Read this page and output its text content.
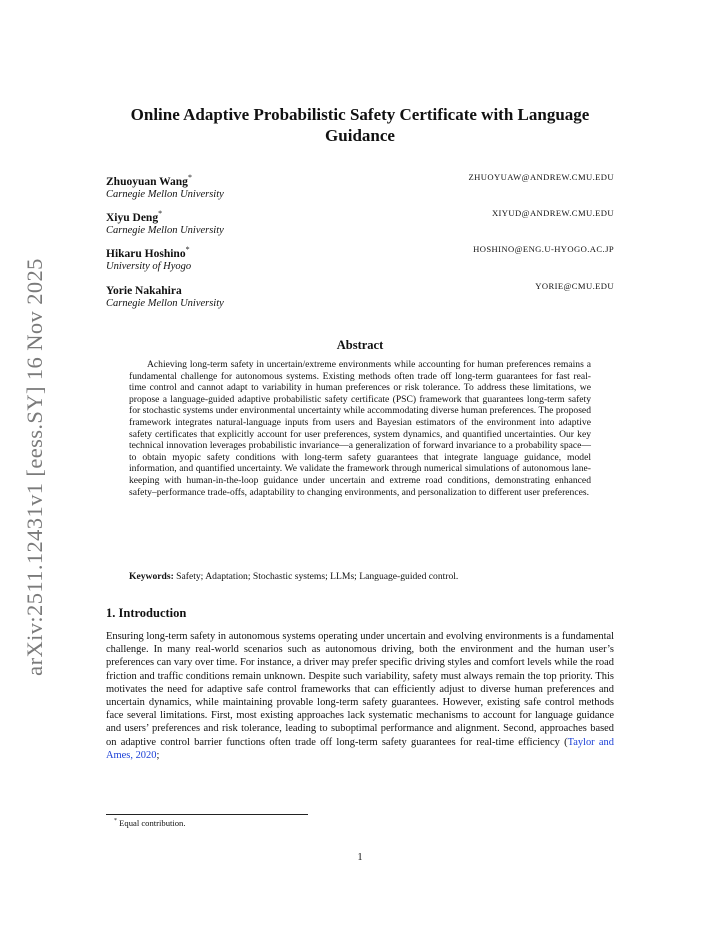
arXiv:2511.12431v1 [eess.SY] 16 Nov 2025
Online Adaptive Probabilistic Safety Certificate with Language Guidance
Zhuoyuan Wang*
Carnegie Mellon University
ZHUOYUAW@ANDREW.CMU.EDU
Xiyu Deng*
Carnegie Mellon University
XIYUD@ANDREW.CMU.EDU
Hikaru Hoshino*
University of Hyogo
HOSHINO@ENG.U-HYOGO.AC.JP
Yorie Nakahira
Carnegie Mellon University
YORIE@CMU.EDU
Abstract

Achieving long-term safety in uncertain/extreme environments while accounting for human preferences remains a fundamental challenge for autonomous systems. Existing methods often trade off long-term guarantees for fast real-time control and cannot adapt to variability in human preferences or risk tolerance. To address these limitations, we propose a language-guided adaptive probabilistic safety certificate (PSC) framework that guarantees long-term safety for stochastic systems under environmental uncertainty while accommodating diverse human preferences. The proposed framework integrates natural-language inputs from users and Bayesian estimators of the environment into adaptive safety certificates that explicitly account for user preferences, system dynamics, and quantified uncertainties. Our key technical innovation leverages probabilistic invariance—a generalization of forward invariance to a probability space—to obtain myopic safety conditions with long-term safety guarantees that integrate language guidance, model information, and quantified uncertainty. We validate the framework through numerical simulations of autonomous lane-keeping with human-in-the-loop guidance under uncertain and extreme road conditions, demonstrating enhanced safety–performance trade-offs, adaptability to changing environments, and personalization to different user preferences.

Keywords: Safety; Adaptation; Stochastic systems; LLMs; Language-guided control.

1. Introduction

Ensuring long-term safety in autonomous systems operating under uncertain and evolving environments is a fundamental challenge. In many real-world scenarios such as autonomous driving, both the environment and the human user’s preferences can vary over time. For instance, a driver may prefer specific driving styles and comfort levels while the road friction and traffic conditions remain unknown. Despite such variability, safety must always remain the top priority. This motivates the need for adaptive safe control frameworks that can efficiently adjust to diverse human preferences and uncertain dynamics, while maintaining provable long-term safety guarantees. However, existing safe control methods face several limitations. First, most existing approaches lack systematic mechanisms to account for language guidance and users’ preferences and risk tolerance, leading to suboptimal performance and alignment. Second, approaches based on adaptive control barrier functions often trade off long-term safety guarantees for real-time efficiency (Taylor and Ames, 2020;

* Equal contribution.
1
